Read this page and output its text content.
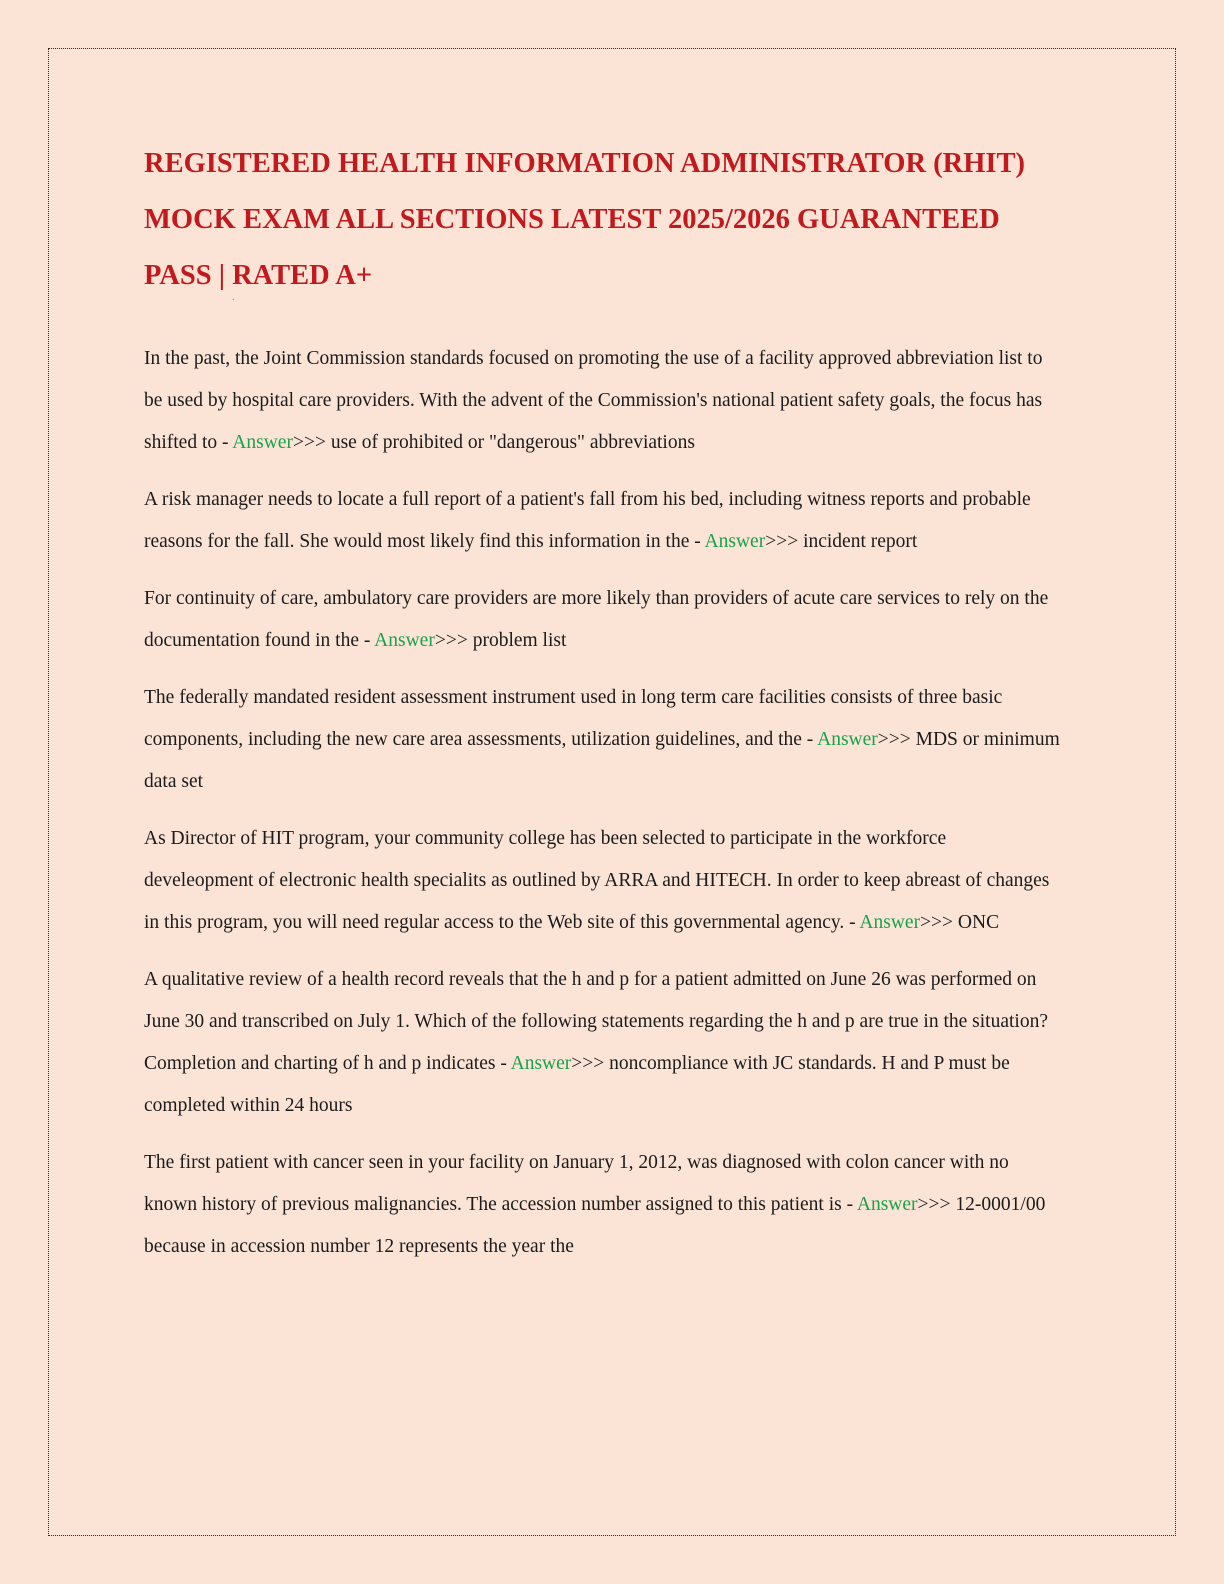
.
REGISTERED HEALTH INFORMATION ADMINISTRATOR (RHIT) MOCK EXAM ALL SECTIONS LATEST 2025/2026 GUARANTEED PASS | RATED A+

In the past, the Joint Commission standards focused on promoting the use of a facility approved abbreviation list to be used by hospital care providers. With the advent of the Commission's national patient safety goals, the focus has shifted to - Answer>>> use of prohibited or "dangerous" abbreviations

A risk manager needs to locate a full report of a patient's fall from his bed, including witness reports and probable reasons for the fall. She would most likely find this information in the - Answer>>> incident report

For continuity of care, ambulatory care providers are more likely than providers of acute care services to rely on the documentation found in the - Answer>>> problem list

The federally mandated resident assessment instrument used in long term care facilities consists of three basic components, including the new care area assessments, utilization guidelines, and the - Answer>>> MDS or minimum data set

As Director of HIT program, your community college has been selected to participate in the workforce develeopment of electronic health specialits as outlined by ARRA and HITECH. In order to keep abreast of changes in this program, you will need regular access to the Web site of this governmental agency. - Answer>>> ONC

A qualitative review of a health record reveals that the h and p for a patient admitted on June 26 was performed on June 30 and transcribed on July 1. Which of the following statements regarding the h and p are true in the situation? Completion and charting of h and p indicates - Answer>>> noncompliance with JC standards. H and P must be completed within 24 hours

The first patient with cancer seen in your facility on January 1, 2012, was diagnosed with colon cancer with no known history of previous malignancies. The accession number assigned to this patient is - Answer>>> 12-0001/00 because in accession number 12 represents the year the
